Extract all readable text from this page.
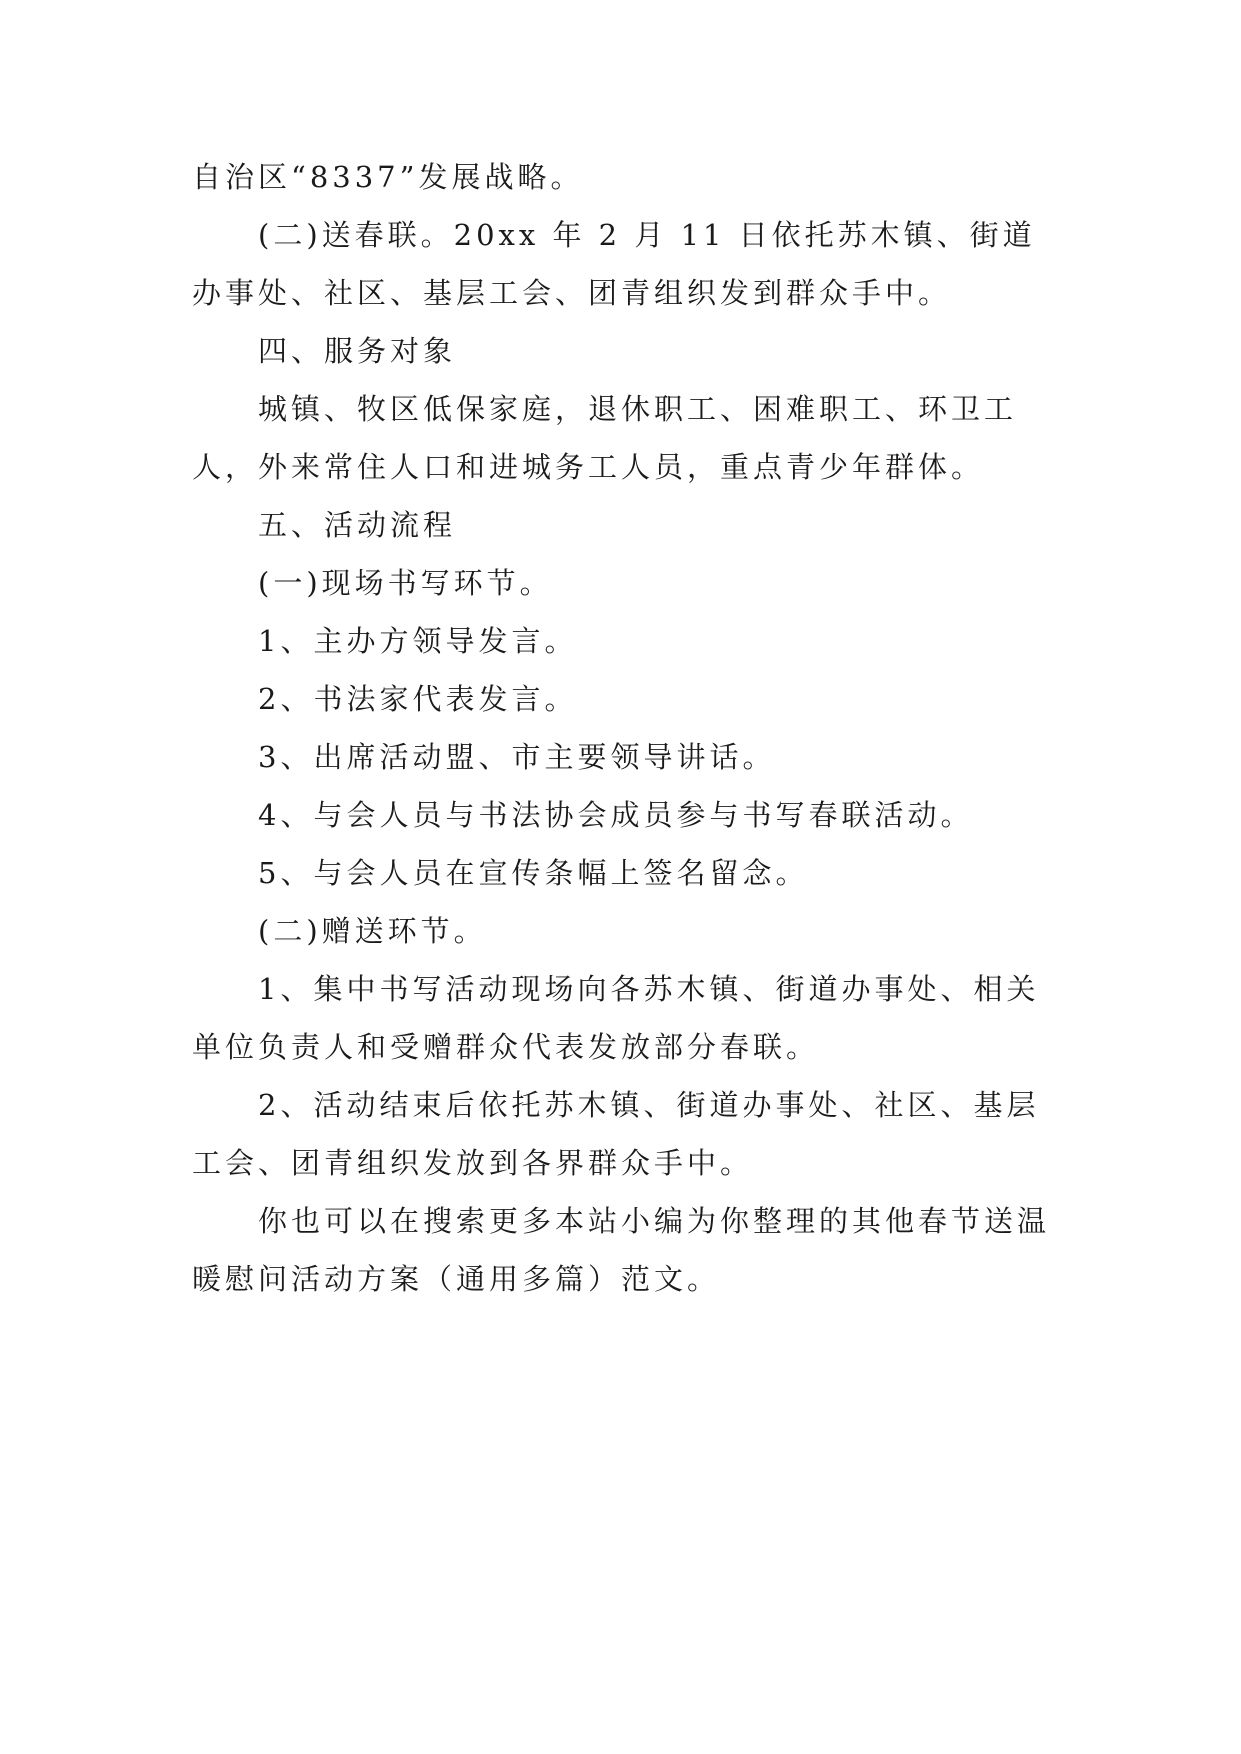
自治区“8337”发展战略。

(二)送春联。20xx 年 2 月 11 日依托苏木镇、街道办事处、社区、基层工会、团青组织发到群众手中。

四、服务对象

城镇、牧区低保家庭，退休职工、困难职工、环卫工人，外来常住人口和进城务工人员，重点青少年群体。

五、活动流程

(一)现场书写环节。

1、主办方领导发言。

2、书法家代表发言。

3、出席活动盟、市主要领导讲话。

4、与会人员与书法协会成员参与书写春联活动。

5、与会人员在宣传条幅上签名留念。

(二)赠送环节。

1、集中书写活动现场向各苏木镇、街道办事处、相关单位负责人和受赠群众代表发放部分春联。

2、活动结束后依托苏木镇、街道办事处、社区、基层工会、团青组织发放到各界群众手中。

你也可以在搜索更多本站小编为你整理的其他春节送温暖慰问活动方案（通用多篇）范文。
